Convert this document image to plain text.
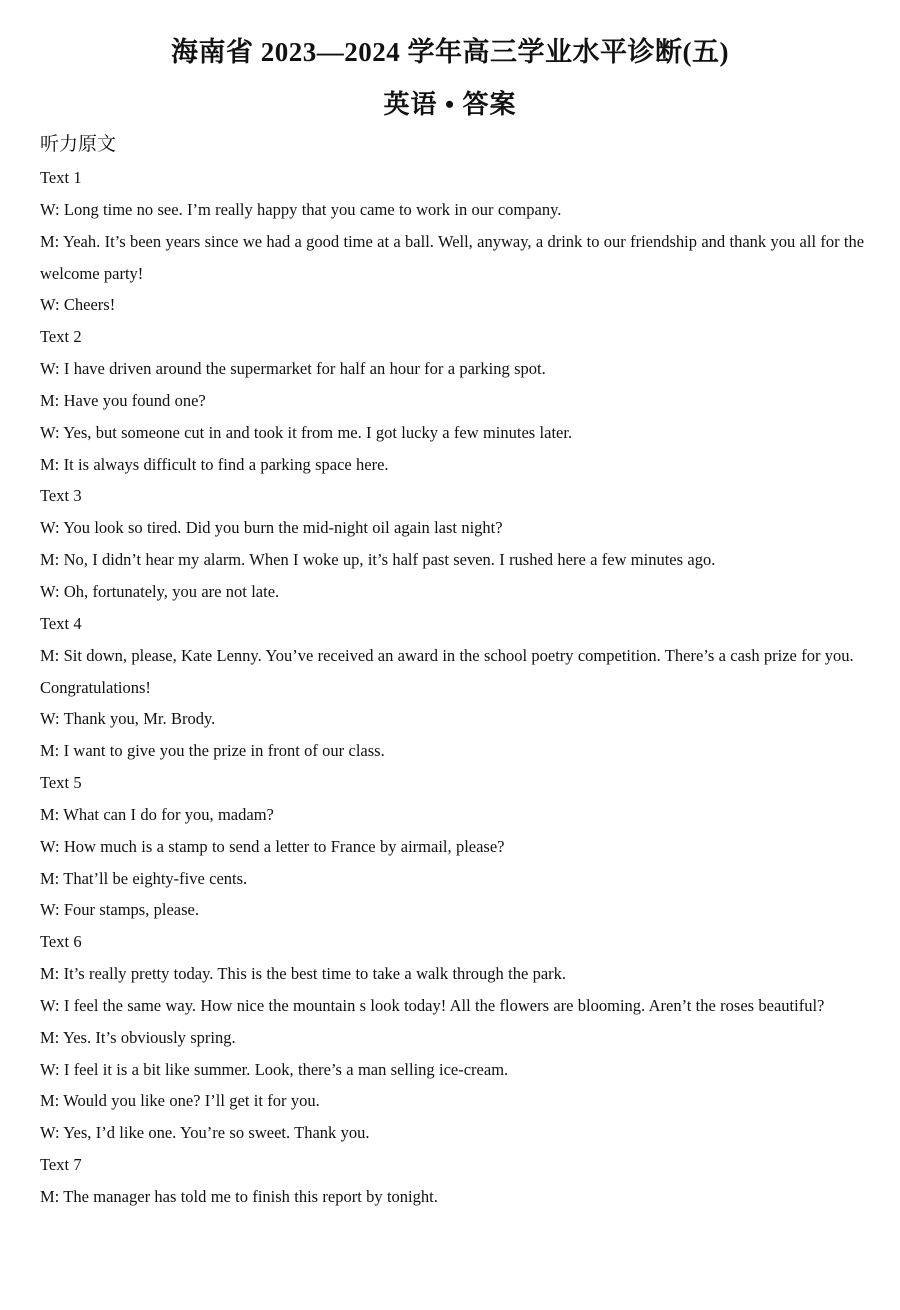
海南省 2023—2024 学年高三学业水平诊断(五)
英语 • 答案
听力原文
Text 1
W: Long time no see. I’m really happy that you came to work in our company.
M: Yeah. It’s been years since we had a good time at a ball. Well, anyway, a drink to our friendship and thank you all for the welcome party!
W: Cheers!
Text 2
W: I have driven around the supermarket for half an hour for a parking spot.
M: Have you found one?
W: Yes, but someone cut in and took it from me. I got lucky a few minutes later.
M: It is always difficult to find a parking space here.
Text 3
W: You look so tired. Did you burn the mid-night oil again last night?
M: No, I didn’t hear my alarm. When I woke up, it’s half past seven. I rushed here a few minutes ago.
W: Oh, fortunately, you are not late.
Text 4
M: Sit down, please, Kate Lenny. You’ve received an award in the school poetry competition. There’s a cash prize for you. Congratulations!
W: Thank you, Mr. Brody.
M: I want to give you the prize in front of our class.
Text 5
M: What can I do for you, madam?
W: How much is a stamp to send a letter to France by airmail, please?
M: That’ll be eighty-five cents.
W: Four stamps, please.
Text 6
M: It’s really pretty today. This is the best time to take a walk through the park.
W: I feel the same way. How nice the mountain s look today! All the flowers are blooming. Aren’t the roses beautiful?
M: Yes. It’s obviously spring.
W: I feel it is a bit like summer. Look, there’s a man selling ice-cream.
M: Would you like one? I’ll get it for you.
W: Yes, I’d like one. You’re so sweet. Thank you.
Text 7
M: The manager has told me to finish this report by tonight.
